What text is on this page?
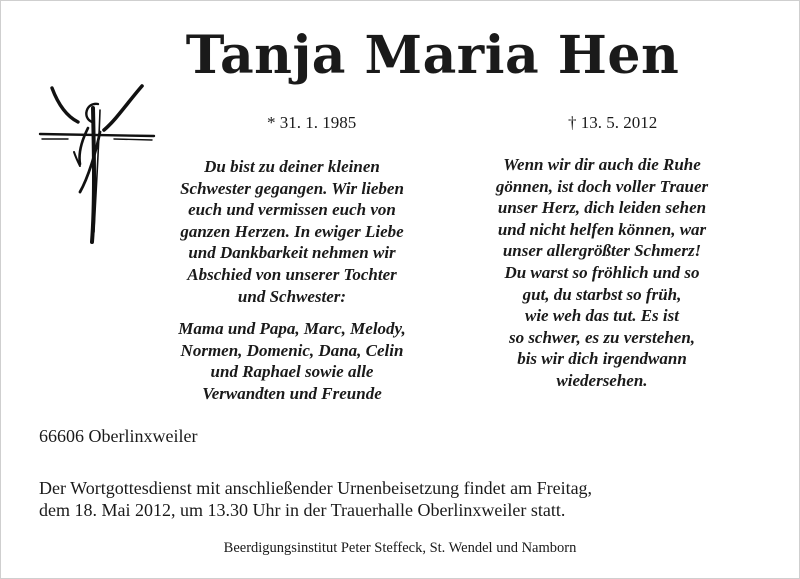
Tanja Maria Hen
* 31. 1. 1985	† 13. 5. 2012

Du bist zu deiner kleinen

Schwester gegangen. Wir lieben

euch und vermissen euch von

ganzen Herzen. In ewiger Liebe

und Dankbarkeit nehmen wir

Abschied von unserer Tochter

und Schwester:

Mama und Papa, Marc, Melody,

Normen, Domenic, Dana, Celin

und Raphael sowie alle

Verwandten und Freunde

Wenn wir dir auch die Ruhe

gönnen, ist doch voller Trauer

unser Herz, dich leiden sehen

und nicht helfen können, war

unser allergrößter Schmerz!

Du warst so fröhlich und so

gut, du starbst so früh,

wie weh das tut. Es ist

so schwer, es zu verstehen,

bis wir dich irgendwann

wiedersehen.

66606 Oberlinxweiler

Der Wortgottesdienst mit anschließender Urnenbeisetzung findet am Freitag,

dem 18. Mai 2012, um 13.30 Uhr in der Trauerhalle Oberlinxweiler statt.

Beerdigungsinstitut Peter Steffeck, St. Wendel und Namborn
